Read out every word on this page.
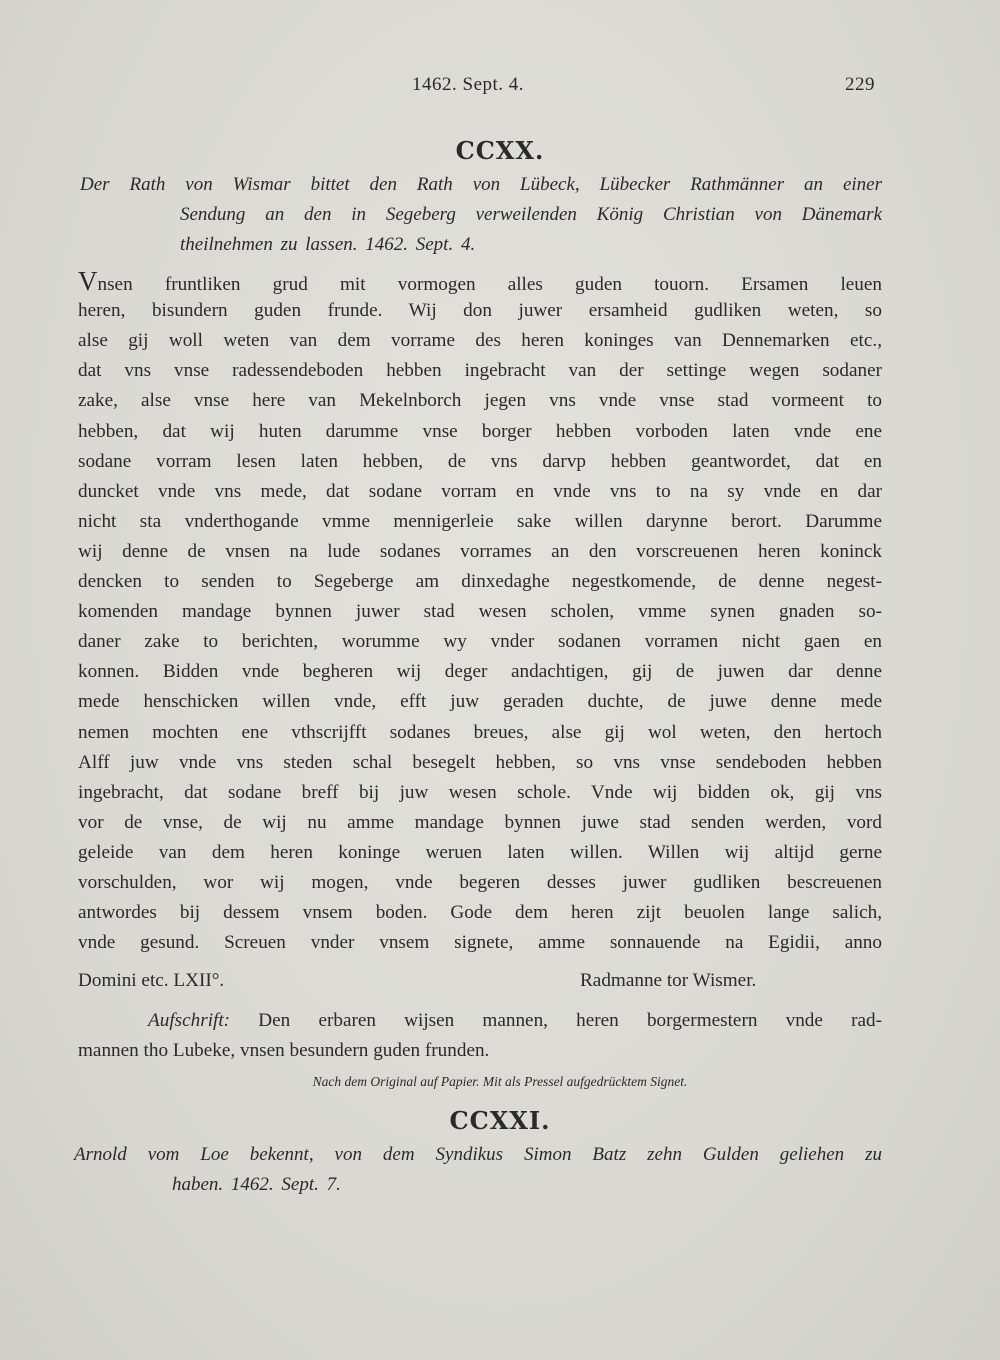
1462. Sept. 4.	229
CCXX.

Der Rath von Wismar bittet den Rath von Lübeck, Lübecker Rathmänner an einer

Sendung an den in Segeberg verweilenden König Christian von Dänemark

theilnehmen zu lassen. 1462. Sept. 4.

Vnsen fruntliken grud mit vormogen alles guden touorn. Ersamen leuen

heren, bisundern guden frunde. Wij don juwer ersamheid gudliken weten, so

alse gij woll weten van dem vorrame des heren koninges van Dennemarken etc.,

dat vns vnse radessendeboden hebben ingebracht van der settinge wegen sodaner

zake, alse vnse here van Mekelnborch jegen vns vnde vnse stad vormeent to

hebben, dat wij huten darumme vnse borger hebben vorboden laten vnde ene

sodane vorram lesen laten hebben, de vns darvp hebben geantwordet, dat en

duncket vnde vns mede, dat sodane vorram en vnde vns to na sy vnde en dar

nicht sta vnderthogande vmme mennigerleie sake willen darynne berort. Darumme

wij denne de vnsen na lude sodanes vorrames an den vorscreuenen heren koninck

dencken to senden to Segeberge am dinxedaghe negestkomende, de denne negest-

komenden mandage bynnen juwer stad wesen scholen, vmme synen gnaden so-

daner zake to berichten, worumme wy vnder sodanen vorramen nicht gaen en

konnen. Bidden vnde begheren wij deger andachtigen, gij de juwen dar denne

mede henschicken willen vnde, efft juw geraden duchte, de juwe denne mede

nemen mochten ene vthscrijfft sodanes breues, alse gij wol weten, den hertoch

Alff juw vnde vns steden schal besegelt hebben, so vns vnse sendeboden hebben

ingebracht, dat sodane breff bij juw wesen schole. Vnde wij bidden ok, gij vns

vor de vnse, de wij nu amme mandage bynnen juwe stad senden werden, vord

geleide van dem heren koninge weruen laten willen. Willen wij altijd gerne

vorschulden, wor wij mogen, vnde begeren desses juwer gudliken bescreuenen

antwordes bij dessem vnsem boden. Gode dem heren zijt beuolen lange salich,

vnde gesund. Screuen vnder vnsem signete, amme sonnauende na Egidii, anno

Domini etc. LXII°.	Radmanne tor Wismer.

Aufschrift: Den erbaren wijsen mannen, heren borgermestern vnde rad-

mannen tho Lubeke, vnsen besundern guden frunden.

Nach dem Original auf Papier. Mit als Pressel aufgedrücktem Signet.

CCXXI.

Arnold vom Loe bekennt, von dem Syndikus Simon Batz zehn Gulden geliehen zu

haben. 1462. Sept. 7.
